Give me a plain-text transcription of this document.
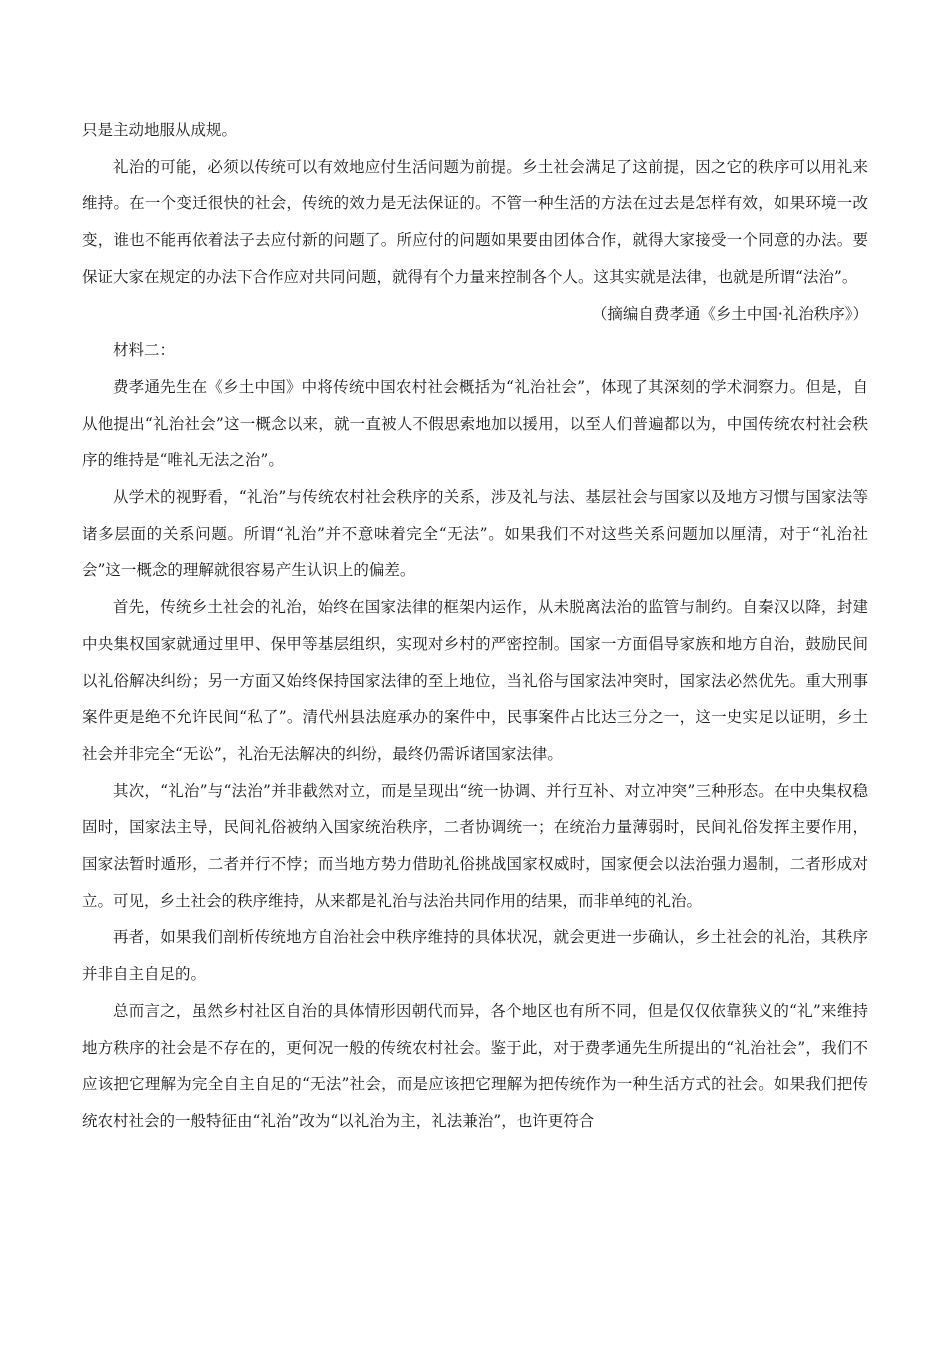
只是主动地服从成规。

礼治的可能，必须以传统可以有效地应付生活问题为前提。乡土社会满足了这前提，因之它的秩序可以用礼来维持。在一个变迁很快的社会，传统的效力是无法保证的。不管一种生活的方法在过去是怎样有效，如果环境一改变，谁也不能再依着法子去应付新的问题了。所应付的问题如果要由团体合作，就得大家接受一个同意的办法。要保证大家在规定的办法下合作应对共同问题，就得有个力量来控制各个人。这其实就是法律，也就是所谓“法治”。

（摘编自费孝通《乡土中国·礼治秩序》）

材料二：

费孝通先生在《乡土中国》中将传统中国农村社会概括为“礼治社会”，体现了其深刻的学术洞察力。但是，自从他提出“礼治社会”这一概念以来，就一直被人不假思索地加以援用，以至人们普遍都以为，中国传统农村社会秩序的维持是“唯礼无法之治”。

从学术的视野看，“礼治”与传统农村社会秩序的关系，涉及礼与法、基层社会与国家以及地方习惯与国家法等诸多层面的关系问题。所谓“礼治”并不意味着完全“无法”。如果我们不对这些关系问题加以厘清，对于“礼治社会”这一概念的理解就很容易产生认识上的偏差。

首先，传统乡土社会的礼治，始终在国家法律的框架内运作，从未脱离法治的监管与制约。自秦汉以降，封建中央集权国家就通过里甲、保甲等基层组织，实现对乡村的严密控制。国家一方面倡导家族和地方自治，鼓励民间以礼俗解决纠纷；另一方面又始终保持国家法律的至上地位，当礼俗与国家法冲突时，国家法必然优先。重大刑事案件更是绝不允许民间“私了”。清代州县法庭承办的案件中，民事案件占比达三分之一，这一史实足以证明，乡土社会并非完全“无讼”，礼治无法解决的纠纷，最终仍需诉诸国家法律。

其次，“礼治”与“法治”并非截然对立，而是呈现出“统一协调、并行互补、对立冲突”三种形态。在中央集权稳固时，国家法主导，民间礼俗被纳入国家统治秩序，二者协调统一；在统治力量薄弱时，民间礼俗发挥主要作用，国家法暂时遁形，二者并行不悖；而当地方势力借助礼俗挑战国家权威时，国家便会以法治强力遏制，二者形成对立。可见，乡土社会的秩序维持，从来都是礼治与法治共同作用的结果，而非单纯的礼治。

再者，如果我们剖析传统地方自治社会中秩序维持的具体状况，就会更进一步确认，乡土社会的礼治，其秩序并非自主自足的。

总而言之，虽然乡村社区自治的具体情形因朝代而异，各个地区也有所不同，但是仅仅依靠狭义的“礼”来维持地方秩序的社会是不存在的，更何况一般的传统农村社会。鉴于此，对于费孝通先生所提出的“礼治社会”，我们不应该把它理解为完全自主自足的“无法”社会，而是应该把它理解为把传统作为一种生活方式的社会。如果我们把传统农村社会的一般特征由“礼治”改为“以礼治为主，礼法兼治”，也许更符合
